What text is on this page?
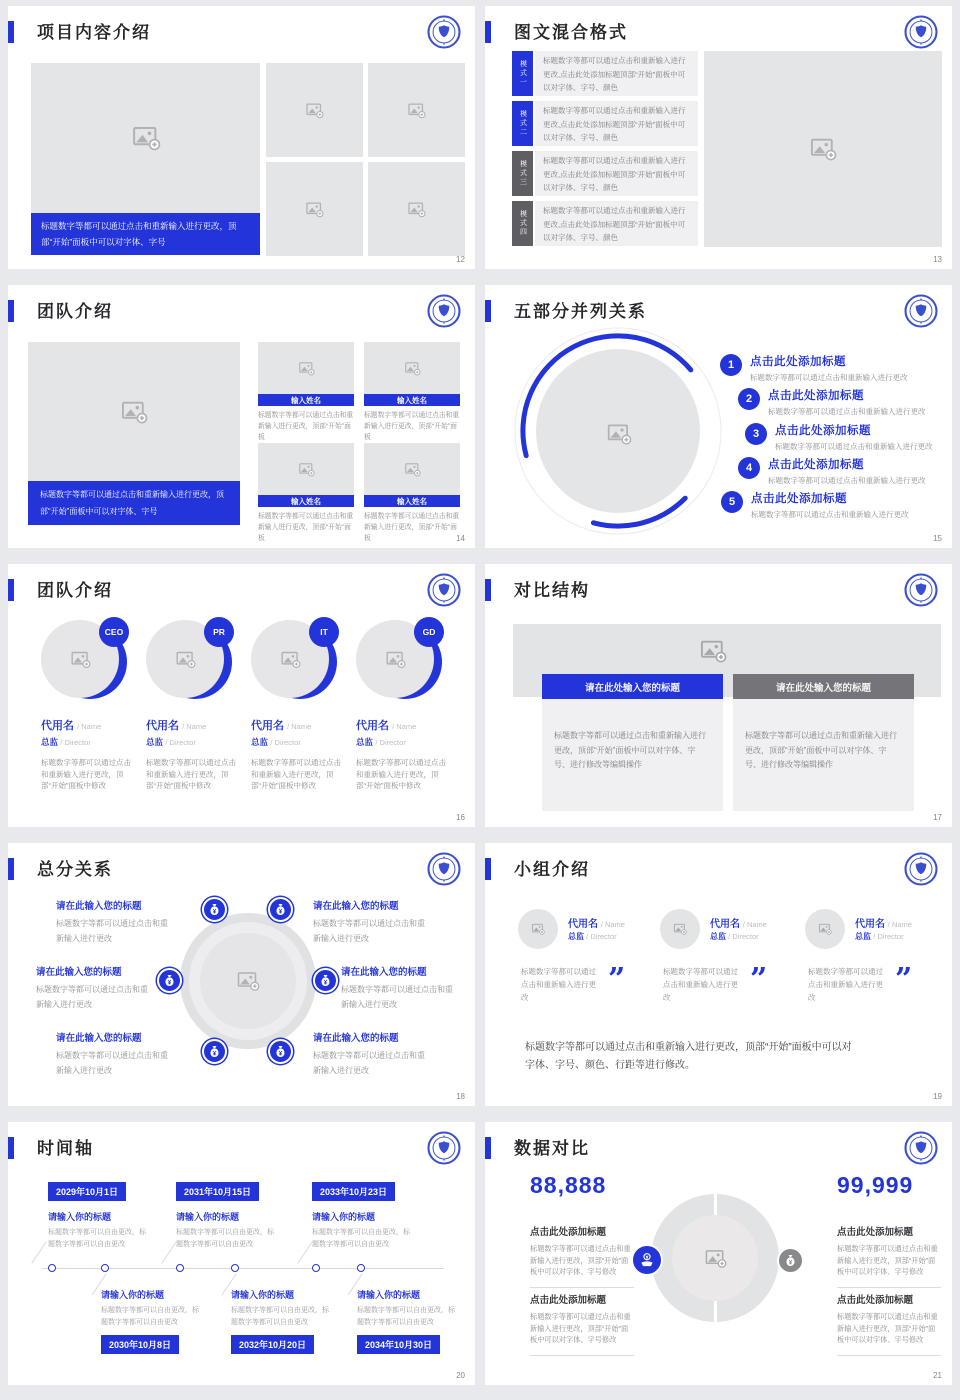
项目内容介绍
标题数字等都可以通过点击和重新输入进行更改，顶部“开始”面板中可以对字体、字号
12
图文混合格式
模式一	标题数字等都可以通过点击和重新输入进行更改,点击此处添加标题顶部“开始”面板中可以对字体、字号、颜色
模式二	标题数字等都可以通过点击和重新输入进行更改,点击此处添加标题顶部“开始”面板中可以对字体、字号、颜色
模式三	标题数字等都可以通过点击和重新输入进行更改,点击此处添加标题顶部“开始”面板中可以对字体、字号、颜色
模式四	标题数字等都可以通过点击和重新输入进行更改,点击此处添加标题顶部“开始”面板中可以对字体、字号、颜色
13
团队介绍
标题数字等都可以通过点击和重新输入进行更改，顶部“开始”面板中可以对字体、字号
输入姓名
标题数字等都可以通过点击和重新输入进行更改，顶部“开始”面板
输入姓名
标题数字等都可以通过点击和重新输入进行更改，顶部“开始”面板
输入姓名
标题数字等都可以通过点击和重新输入进行更改，顶部“开始”面板
输入姓名
标题数字等都可以通过点击和重新输入进行更改，顶部“开始”面板	14
五部分并列关系
1	点击此处添加标题
标题数字等都可以通过点击和重新输入进行更改
2	点击此处添加标题
标题数字等都可以通过点击和重新输入进行更改
3	点击此处添加标题
标题数字等都可以通过点击和重新输入进行更改
4	点击此处添加标题
标题数字等都可以通过点击和重新输入进行更改
5	点击此处添加标题
标题数字等都可以通过点击和重新输入进行更改
15
团队介绍
CEO
代用名 / Name
总监 / Director
标题数字等都可以通过点击和重新输入进行更改，顶部“开始”面板中修改
PR
代用名 / Name
总监 / Director
标题数字等都可以通过点击和重新输入进行更改，顶部“开始”面板中修改
IT
代用名 / Name
总监 / Director
标题数字等都可以通过点击和重新输入进行更改，顶部“开始”面板中修改
GD
代用名 / Name
总监 / Director
标题数字等都可以通过点击和重新输入进行更改，顶部“开始”面板中修改
16
对比结构
请在此处输入您的标题	请在此处输入您的标题
标题数字等都可以通过点击和重新输入进行更改，顶部“开始”面板中可以对字体、字号、进行修改等编辑操作
标题数字等都可以通过点击和重新输入进行更改，顶部“开始”面板中可以对字体、字号、进行修改等编辑操作
17
总分关系
请在此输入您的标题
标题数字等都可以通过点击和重新输入进行更改
请在此输入您的标题
标题数字等都可以通过点击和重新输入进行更改
请在此输入您的标题
标题数字等都可以通过点击和重新输入进行更改
请在此输入您的标题
标题数字等都可以通过点击和重新输入进行更改
请在此输入您的标题
标题数字等都可以通过点击和重新输入进行更改
请在此输入您的标题
标题数字等都可以通过点击和重新输入进行更改
18
小组介绍
代用名 / Name
总监 / Director
标题数字等都可以通过点击和重新输入进行更改
”
代用名 / Name
总监 / Director
标题数字等都可以通过点击和重新输入进行更改
”
代用名 / Name
总监 / Director
标题数字等都可以通过点击和重新输入进行更改
”
标题数字等都可以通过点击和重新输入进行更改，顶部“开始”面板中可以对字体、字号、颜色、行距等进行修改。
19
时间轴
2029年10月1日
请输入你的标题
标题数字等都可以自由更改，标题数字等都可以自由更改
2031年10月15日
请输入你的标题
标题数字等都可以自由更改，标题数字等都可以自由更改
2033年10月23日
请输入你的标题
标题数字等都可以自由更改，标题数字等都可以自由更改
请输入你的标题
标题数字等都可以自由更改，标题数字等都可以自由更改
2030年10月8日
请输入你的标题
标题数字等都可以自由更改，标题数字等都可以自由更改
2032年10月20日
请输入你的标题
标题数字等都可以自由更改，标题数字等都可以自由更改
2034年10月30日
20
数据对比
88,888	99,999
点击此处添加标题
标题数字等都可以通过点击和重新输入进行更改，顶部“开始”面板中可以对字体、字号修改
点击此处添加标题
标题数字等都可以通过点击和重新输入进行更改，顶部“开始”面板中可以对字体、字号修改
点击此处添加标题
标题数字等都可以通过点击和重新输入进行更改，顶部“开始”面板中可以对字体、字号修改
点击此处添加标题
标题数字等都可以通过点击和重新输入进行更改，顶部“开始”面板中可以对字体、字号修改
21
